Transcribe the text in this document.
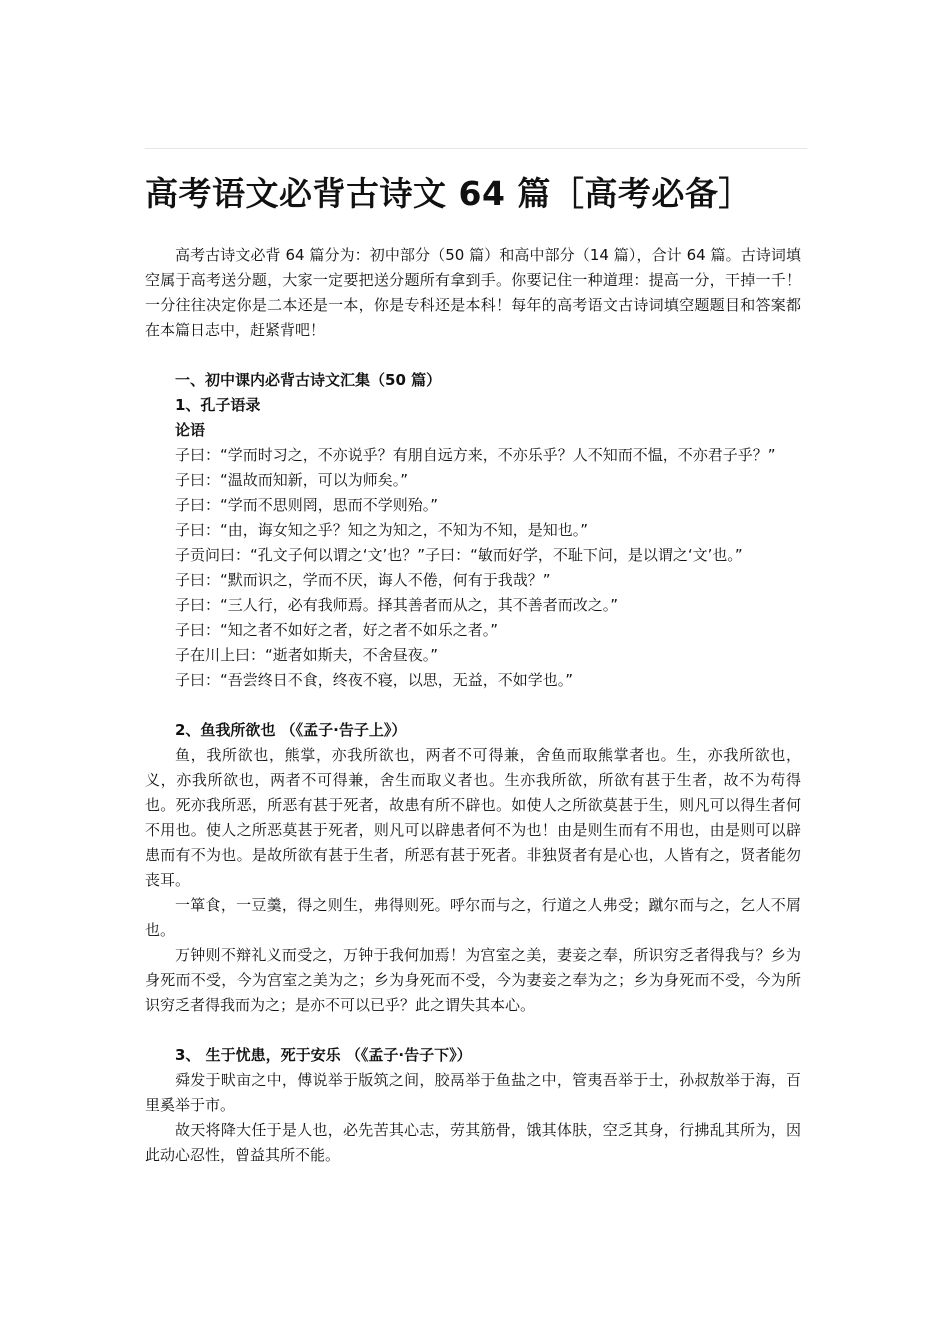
高考语文必背古诗文 64 篇［高考必备］

高考古诗文必背 64 篇分为：初中部分（50 篇）和高中部分（14 篇），合计 64 篇。古诗词填空属于高考送分题，大家一定要把送分题所有拿到手。你要记住一种道理：提高一分，干掉一千！一分往往决定你是二本还是一本，你是专科还是本科！每年的高考语文古诗词填空题题目和答案都在本篇日志中，赶紧背吧！

一、初中课内必背古诗文汇集（50 篇）

1、孔子语录

论语

子曰：“学而时习之，不亦说乎？有朋自远方来，不亦乐乎？人不知而不愠，不亦君子乎？”

子曰：“温故而知新，可以为师矣。”

子曰：“学而不思则罔，思而不学则殆。”

子曰：“由，诲女知之乎？知之为知之，不知为不知，是知也。”

子贡问曰：“孔文子何以谓之‘文’也？”子曰：“敏而好学，不耻下问，是以谓之‘文’也。”

子曰：“默而识之，学而不厌，诲人不倦，何有于我哉？”

子曰：“三人行，必有我师焉。择其善者而从之，其不善者而改之。”

子曰：“知之者不如好之者，好之者不如乐之者。”

子在川上曰：“逝者如斯夫，不舍昼夜。”

子曰：“吾尝终日不食，终夜不寝，以思，无益，不如学也。”

2、鱼我所欲也 （《孟子·告子上》）

鱼，我所欲也，熊掌，亦我所欲也，两者不可得兼，舍鱼而取熊掌者也。生，亦我所欲也，义，亦我所欲也，两者不可得兼，舍生而取义者也。生亦我所欲，所欲有甚于生者，故不为苟得也。死亦我所恶，所恶有甚于死者，故患有所不辟也。如使人之所欲莫甚于生，则凡可以得生者何不用也。使人之所恶莫甚于死者，则凡可以辟患者何不为也！由是则生而有不用也，由是则可以辟患而有不为也。是故所欲有甚于生者，所恶有甚于死者。非独贤者有是心也，人皆有之，贤者能勿丧耳。

一箪食，一豆羹，得之则生，弗得则死。呼尔而与之，行道之人弗受；蹴尔而与之，乞人不屑也。

万钟则不辩礼义而受之，万钟于我何加焉！为宫室之美，妻妾之奉，所识穷乏者得我与？乡为身死而不受，今为宫室之美为之；乡为身死而不受，今为妻妾之奉为之；乡为身死而不受，今为所识穷乏者得我而为之；是亦不可以已乎？此之谓失其本心。

3、 生于忧患，死于安乐 （《孟子·告子下》）

舜发于畎亩之中，傅说举于版筑之间，胶鬲举于鱼盐之中，管夷吾举于士，孙叔敖举于海，百里奚举于市。

故天将降大任于是人也，必先苦其心志，劳其筋骨，饿其体肤，空乏其身，行拂乱其所为，因此动心忍性，曾益其所不能。
